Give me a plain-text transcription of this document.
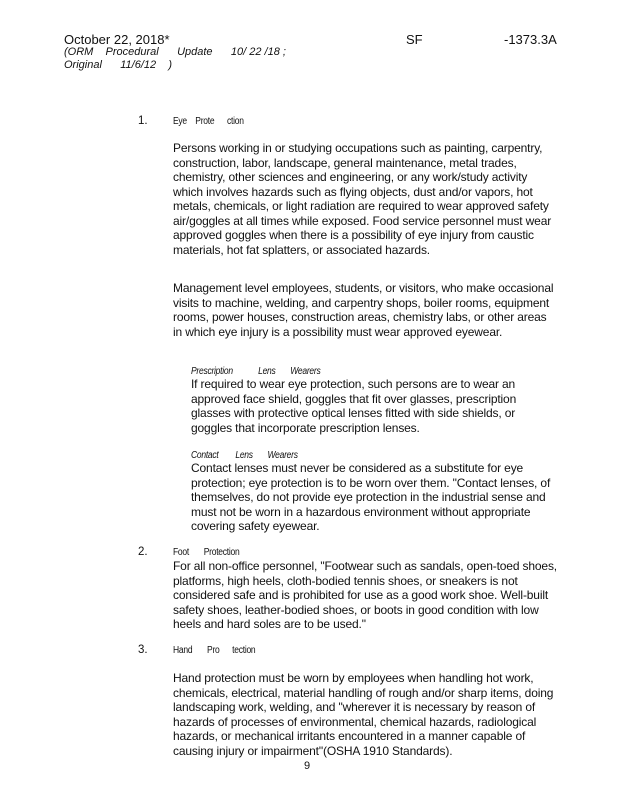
October 22, 2018*
(ORM    Procedural      Update      10/ 22 /18 ;
Original      11/6/12    )
SF	-1373.3A
1.	Eye    Prote      ction
Persons working in or studying occupations such as painting, carpentry, construction, labor, landscape, general maintenance, metal trades, chemistry, other sciences and engineering, or any work/study activity which involves hazards such as flying objects, dust and/or vapors, hot metals, chemicals, or light radiation are required to wear approved safety air/goggles at all times while exposed. Food service personnel must wear approved goggles when there is a possibility of eye injury from caustic materials, hot fat splatters, or associated hazards.
Management level employees, students, or visitors, who make occasional visits to machine, welding, and carpentry shops, boiler rooms, equipment rooms, power houses, construction areas, chemistry labs, or other areas in which eye injury is a possibility must wear approved eyewear.
Prescription            Lens       Wearers
If required to wear eye protection, such persons are to wear an approved face shield, goggles that fit over glasses, prescription glasses with protective optical lenses fitted with side shields, or goggles that incorporate prescription lenses.
Contact        Lens       Wearers
Contact lenses must never be considered as a substitute for eye protection; eye protection is to be worn over them. "Contact lenses, of themselves, do not provide eye protection in the industrial sense and must not be worn in a hazardous environment without appropriate covering safety eyewear.
2.	Foot       Protection
For all non-office personnel, "Footwear such as sandals, open-toed shoes, platforms, high heels, cloth-bodied tennis shoes, or sneakers is not considered safe and is prohibited for use as a good work shoe. Well-built safety shoes, leather-bodied shoes, or boots in good condition with low heels and hard soles are to be used."
3.	Hand       Pro      tection
Hand protection must be worn by employees when handling hot work, chemicals, electrical, material handling of rough and/or sharp items, doing landscaping work, welding, and "wherever it is necessary by reason of hazards of processes of environmental, chemical hazards, radiological hazards, or mechanical irritants encountered in a manner capable of causing injury or impairment"(OSHA 1910 Standards).
9
